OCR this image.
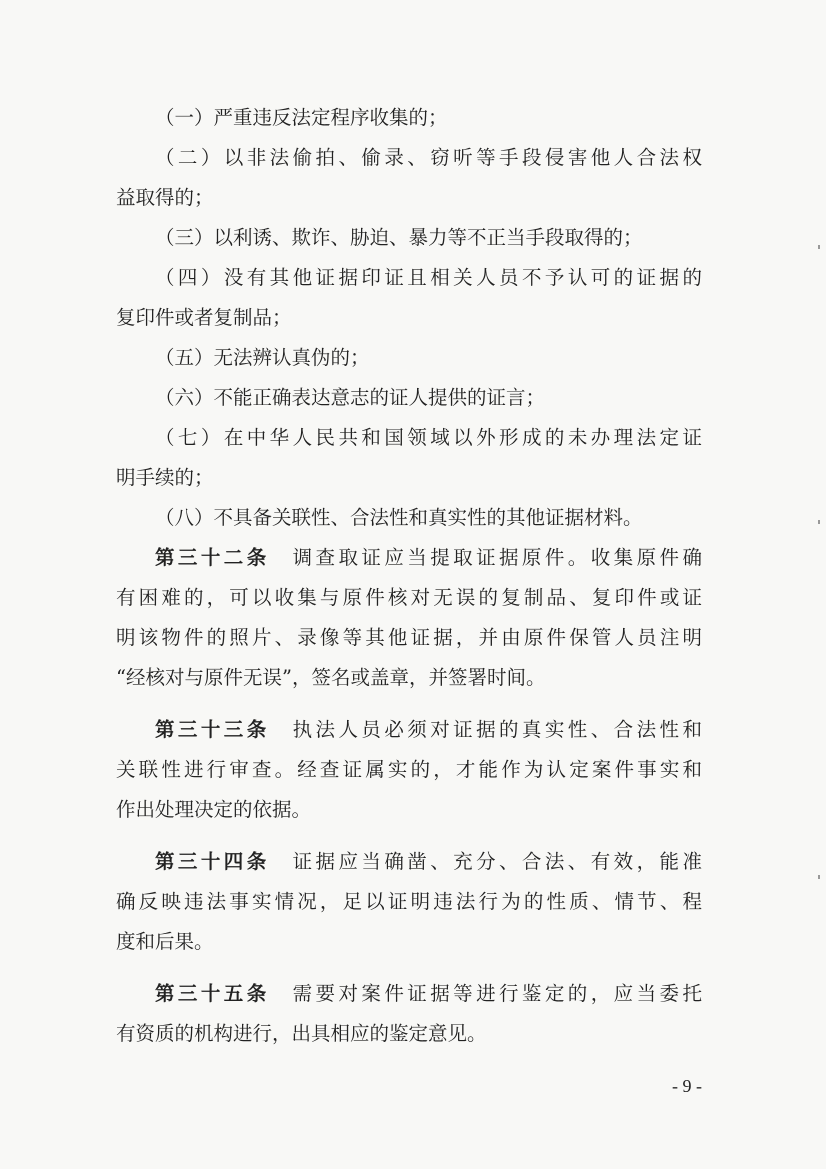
（一）严重违反法定程序收集的；
（二）以非法偷拍、偷录、窃听等手段侵害他人合法权
益取得的；
（三）以利诱、欺诈、胁迫、暴力等不正当手段取得的；
（四）没有其他证据印证且相关人员不予认可的证据的
复印件或者复制品；
（五）无法辨认真伪的；
（六）不能正确表达意志的证人提供的证言；
（七）在中华人民共和国领域以外形成的未办理法定证
明手续的；
（八）不具备关联性、合法性和真实性的其他证据材料。
第三十二条　 调查取证应当提取证据原件。收集原件确
有困难的，可以收集与原件核对无误的复制品、复印件或证
明该物件的照片、录像等其他证据，并由原件保管人员注明
“经核对与原件无误”，签名或盖章，并签署时间。
第三十三条　 执法人员必须对证据的真实性、合法性和
关联性进行审查。经查证属实的，才能作为认定案件事实和
作出处理决定的依据。
第三十四条　 证据应当确凿、充分、合法、有效，能准
确反映违法事实情况，足以证明违法行为的性质、情节、程
度和后果。
第三十五条　 需要对案件证据等进行鉴定的，应当委托
有资质的机构进行，出具相应的鉴定意见。
- 9 -
